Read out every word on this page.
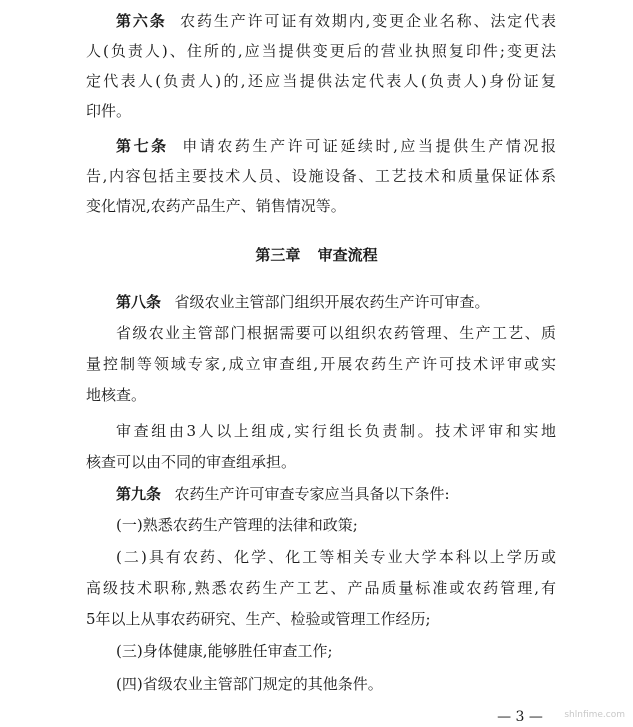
第六条 农药生产许可证有效期内,变更企业名称、法定代表
人(负责人)、住所的,应当提供变更后的营业执照复印件;变更法
定代表人(负责人)的,还应当提供法定代表人(负责人)身份证复
印件。
第七条 申请农药生产许可证延续时,应当提供生产情况报
告,内容包括主要技术人员、设施设备、工艺技术和质量保证体系
变化情况,农药产品生产、销售情况等。
第三章 审查流程
第八条 省级农业主管部门组织开展农药生产许可审查。
省级农业主管部门根据需要可以组织农药管理、生产工艺、质
量控制等领域专家,成立审查组,开展农药生产许可技术评审或实
地核查。
审查组由3人以上组成,实行组长负责制。技术评审和实地
核查可以由不同的审查组承担。
第九条 农药生产许可审查专家应当具备以下条件:
(一)熟悉农药生产管理的法律和政策;
(二)具有农药、化学、化工等相关专业大学本科以上学历或
高级技术职称,熟悉农药生产工艺、产品质量标准或农药管理,有
5年以上从事农药研究、生产、检验或管理工作经历;
(三)身体健康,能够胜任审查工作;
(四)省级农业主管部门规定的其他条件。
— 3 —	shlnfime.com
